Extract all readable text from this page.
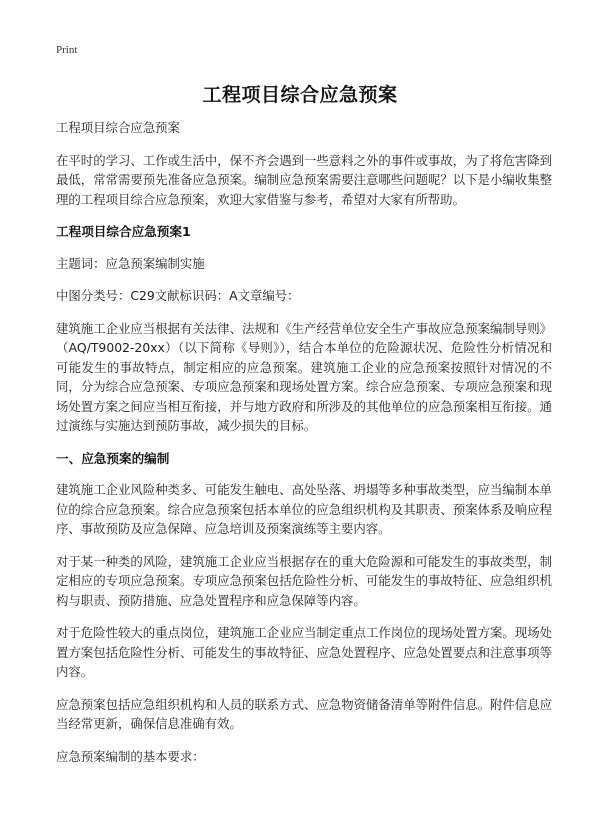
Print
工程项目综合应急预案

工程项目综合应急预案

在平时的学习、工作或生活中，保不齐会遇到一些意料之外的事件或事故，为了将危害降到最低，常常需要预先准备应急预案。编制应急预案需要注意哪些问题呢？以下是小编收集整理的工程项目综合应急预案，欢迎大家借鉴与参考，希望对大家有所帮助。

工程项目综合应急预案1

主题词：应急预案编制实施

中图分类号：C29文献标识码：A文章编号：

建筑施工企业应当根据有关法律、法规和《生产经营单位安全生产事故应急预案编制导则》（AQ/T9002-20xx）（以下简称《导则》），结合本单位的危险源状况、危险性分析情况和可能发生的事故特点，制定相应的应急预案。建筑施工企业的应急预案按照针对情况的不同，分为综合应急预案、专项应急预案和现场处置方案。综合应急预案、专项应急预案和现场处置方案之间应当相互衔接，并与地方政府和所涉及的其他单位的应急预案相互衔接。通过演练与实施达到预防事故，减少损失的目标。

一、应急预案的编制

建筑施工企业风险种类多、可能发生触电、高处坠落、坍塌等多种事故类型，应当编制本单位的综合应急预案。综合应急预案包括本单位的应急组织机构及其职责、预案体系及响应程序、事故预防及应急保障、应急培训及预案演练等主要内容。

对于某一种类的风险，建筑施工企业应当根据存在的重大危险源和可能发生的事故类型，制定相应的专项应急预案。专项应急预案包括危险性分析、可能发生的事故特征、应急组织机构与职责、预防措施、应急处置程序和应急保障等内容。

对于危险性较大的重点岗位，建筑施工企业应当制定重点工作岗位的现场处置方案。现场处置方案包括危险性分析、可能发生的事故特征、应急处置程序、应急处置要点和注意事项等内容。

应急预案包括应急组织机构和人员的联系方式、应急物资储备清单等附件信息。附件信息应当经常更新，确保信息准确有效。

应急预案编制的基本要求：
